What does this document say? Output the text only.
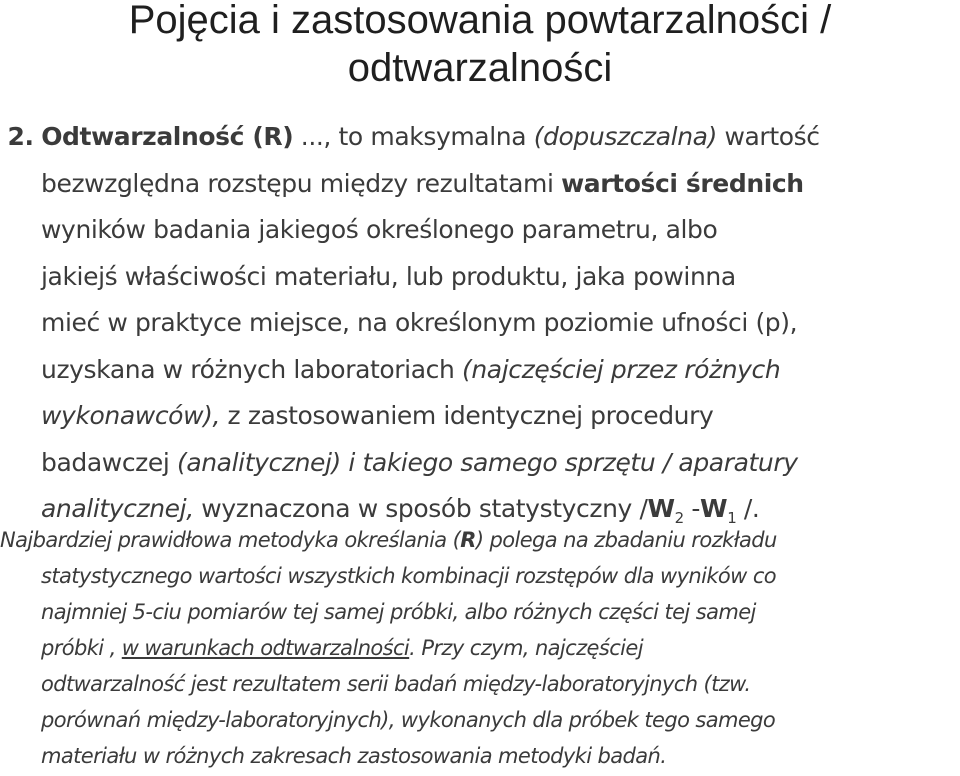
Pojęcia i zastosowania powtarzalności /
odtwarzalności
2. Odtwarzalność (R) ..., to maksymalna (dopuszczalna) wartość
bezwzględna rozstępu między rezultatami wartości średnich
wyników badania jakiegoś określonego parametru, albo
jakiejś właściwości materiału, lub produktu, jaka powinna
mieć w praktyce miejsce, na określonym poziomie ufności (p),
uzyskana w różnych laboratoriach (najczęściej przez różnych
wykonawców), z zastosowaniem identycznej procedury
badawczej (analitycznej) i takiego samego sprzętu / aparatury
analitycznej, wyznaczona w sposób statystyczny $/W_2$ $-W_1$ /.
Najbardziej prawidłowa metodyka określania (R) polega na zbadaniu rozkładu
statystycznego wartości wszystkich kombinacji rozstępów dla wyników co
najmniej 5-ciu pomiarów tej samej próbki, albo różnych części tej samej
próbki , w warunkach odtwarzalności. Przy czym, najczęściej
odtwarzalność jest rezultatem serii badań między-laboratoryjnych (tzw.
porównań między-laboratoryjnych), wykonanych dla próbek tego samego
materiału w różnych zakresach zastosowania metodyki badań.
